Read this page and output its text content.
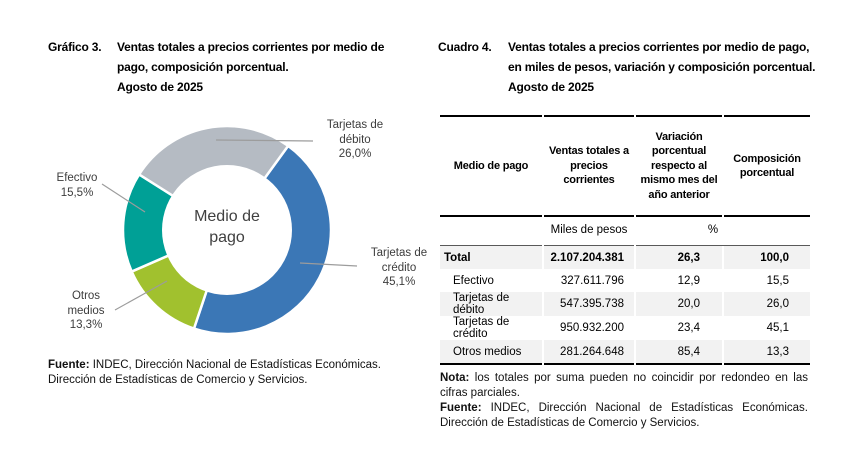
Gráfico 3. Ventas totales a precios corrientes por medio de pago, composición porcentual.
Agosto de 2025
Medio de pago
Tarjetas de débito
26,0%
Efectivo
15,5%
Otros medios
13,3%
Tarjetas de crédito
45,1%
Fuente: INDEC, Dirección Nacional de Estadísticas Económicas. Dirección de Estadísticas de Comercio y Servicios.
Cuadro 4. Ventas totales a precios corrientes por medio de pago, en miles de pesos, variación y composición porcentual. Agosto de 2025
Medio de pago	Ventas totales a precios corrientes	Variación porcentual respecto al mismo mes del año anterior	Composición porcentual
	Miles de pesos	%	
Total	2.107.204.381	26,3	100,0
Efectivo	327.611.796	12,9	15,5
Tarjetas de débito	547.395.738	20,0	26,0
Tarjetas de crédito	950.932.200	23,4	45,1
Otros medios	281.264.648	85,4	13,3

Nota: los totales por suma pueden no coincidir por redondeo en las cifras parciales.

Fuente: INDEC, Dirección Nacional de Estadísticas Económicas. Dirección de Estadísticas de Comercio y Servicios.
